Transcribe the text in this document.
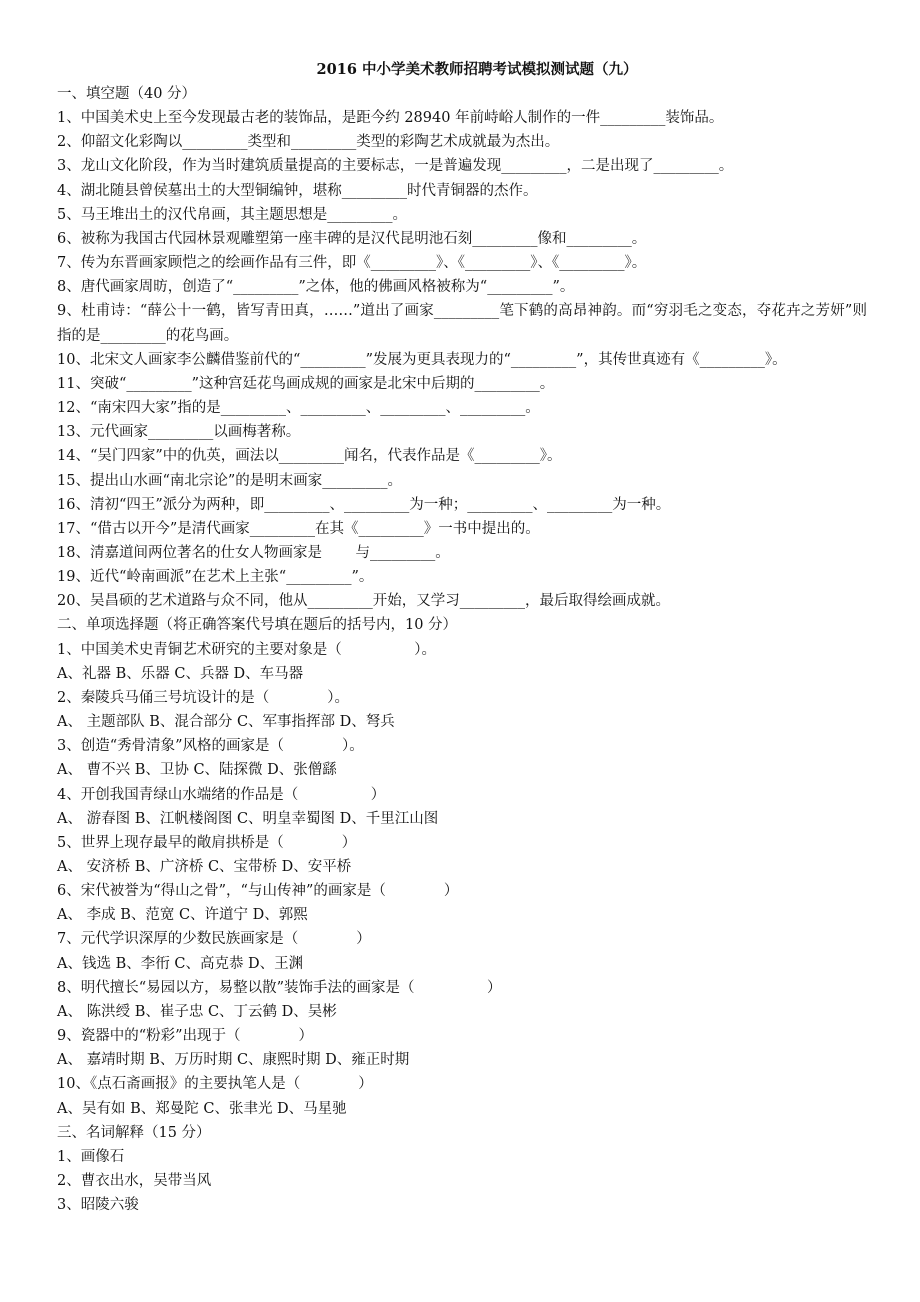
2016 中小学美术教师招聘考试模拟测试题（九）

一、填空题（40 分）

1、中国美术史上至今发现最古老的装饰品，是距今约 28940 年前峙峪人制作的一件_________装饰品。

2、仰韶文化彩陶以_________类型和_________类型的彩陶艺术成就最为杰出。

3、龙山文化阶段，作为当时建筑质量提高的主要标志，一是普遍发现_________，二是出现了_________。

4、湖北随县曾侯墓出土的大型铜编钟，堪称_________时代青铜器的杰作。

5、马王堆出土的汉代帛画，其主题思想是_________。

6、被称为我国古代园林景观雕塑第一座丰碑的是汉代昆明池石刻_________像和_________。

7、传为东晋画家顾恺之的绘画作品有三件，即《_________》、《_________》、《_________》。

8、唐代画家周昉，创造了“_________”之体，他的佛画风格被称为“_________”。

9、杜甫诗：“薛公十一鹤，皆写青田真，……”道出了画家_________笔下鹤的高昂神韵。而“穷羽毛之变态，夺花卉之芳妍”则指的是_________的花鸟画。

10、北宋文人画家李公麟借鉴前代的“_________”发展为更具表现力的“_________”，其传世真迹有《_________》。

11、突破“_________”这种宫廷花鸟画成规的画家是北宋中后期的_________。

12、“南宋四大家”指的是_________、_________、_________、_________。

13、元代画家_________以画梅著称。

14、“吴门四家”中的仇英，画法以_________闻名，代表作品是《_________》。

15、提出山水画“南北宗论”的是明末画家_________。

16、清初“四王”派分为两种，即_________、_________为一种；_________、_________为一种。

17、“借古以开今”是清代画家_________在其《_________》一书中提出的。

18、清嘉道间两位著名的仕女人物画家是 　　与_________。

19、近代“岭南画派”在艺术上主张“_________”。

20、吴昌硕的艺术道路与众不同，他从_________开始，又学习_________，最后取得绘画成就。

二、单项选择题（将正确答案代号填在题后的括号内，10 分）

1、中国美术史青铜艺术研究的主要对象是（　　　　　）。

A、礼器 B、乐器 C、兵器 D、车马器

2、秦陵兵马俑三号坑设计的是（　　　　）。

A、 主题部队 B、混合部分 C、军事指挥部 D、弩兵

3、创造“秀骨清象”风格的画家是（　　　　）。

A、 曹不兴 B、卫协 C、陆探微 D、张僧繇

4、开创我国青绿山水端绪的作品是（　　　　　）

A、 游春图 B、江帆楼阁图 C、明皇幸蜀图 D、千里江山图

5、世界上现存最早的敞肩拱桥是（　　　　）

A、 安济桥 B、广济桥 C、宝带桥 D、安平桥

6、宋代被誉为“得山之骨”，“与山传神”的画家是（　　　　）

A、 李成 B、范宽 C、许道宁 D、郭熙

7、元代学识深厚的少数民族画家是（　　　　）

A、钱选 B、李衎 C、高克恭 D、王渊

8、明代擅长“易园以方，易整以散”装饰手法的画家是（　　　　　）

A、 陈洪绶 B、崔子忠 C、丁云鹤 D、吴彬

9、瓷器中的“粉彩”出现于（　　　　）

A、 嘉靖时期 B、万历时期 C、康熙时期 D、雍正时期

10、《点石斋画报》的主要执笔人是（　　　　）

A、吴有如 B、郑曼陀 C、张聿光 D、马星驰

三、名词解释（15 分）

1、画像石

2、曹衣出水，吴带当风

3、昭陵六骏
